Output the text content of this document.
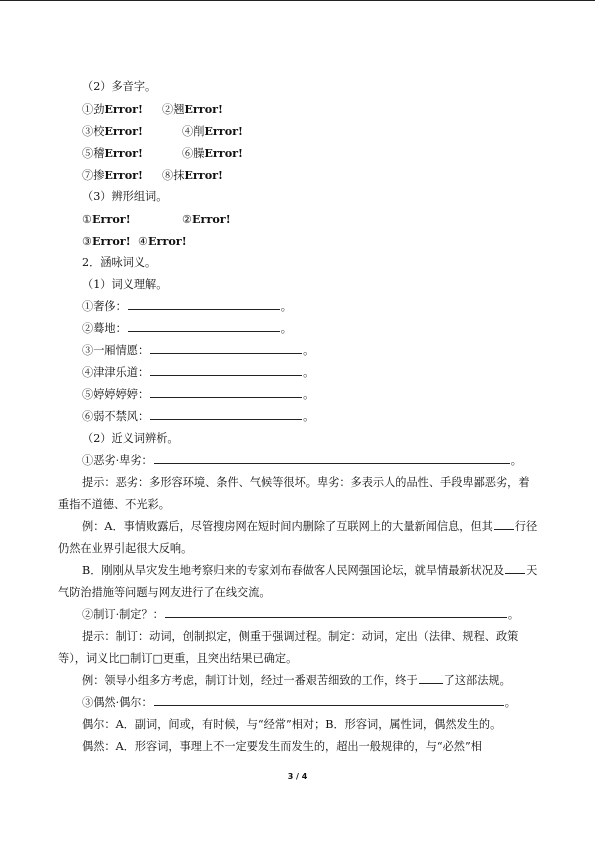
（2）多音字。
①劲Error! ②翘Error!
③校Error!	④削Error!
⑤稽Error!	⑥臊Error!
⑦掺Error! ⑧抹Error!
（3）辨形组词。
①Error!	②Error!
③Error! ④Error!
2．涵咏词义。
（1）词义理解。
①奢侈：	。
②蓦地：	。
③一厢情愿：	。
④津津乐道：	。
⑤婷婷婷婷：	。
⑥弱不禁风：	。
（2）近义词辨析。
①恶劣·卑劣：	。
提示：恶劣：多形容环境、条件、气候等很坏。卑劣：多表示人的品性、手段卑鄙恶劣，着重指不道德、不光彩。
例：A．事情败露后，尽管搜房网在短时间内删除了互联网上的大量新闻信息，但其 行径仍然在业界引起很大反响。
B．刚刚从旱灾发生地考察归来的专家刘布春做客人民网强国论坛，就旱情最新状况及 天气防治措施等问题与网友进行了在线交流。
②制订·制定？：	。
提示：制订：动词，创制拟定，侧重于强调过程。制定：动词，定出（法律、规程、政策等），词义比□制订□更重，且突出结果已确定。
例：领导小组多方考虑，制订计划，经过一番艰苦细致的工作，终于 了这部法规。
③偶然·偶尔：	。
偶尔：A．副词，间或，有时候，与“经常”相对；B．形容词，属性词，偶然发生的。
偶然：A．形容词，事理上不一定要发生而发生的，超出一般规律的，与“必然”相
3 / 4
